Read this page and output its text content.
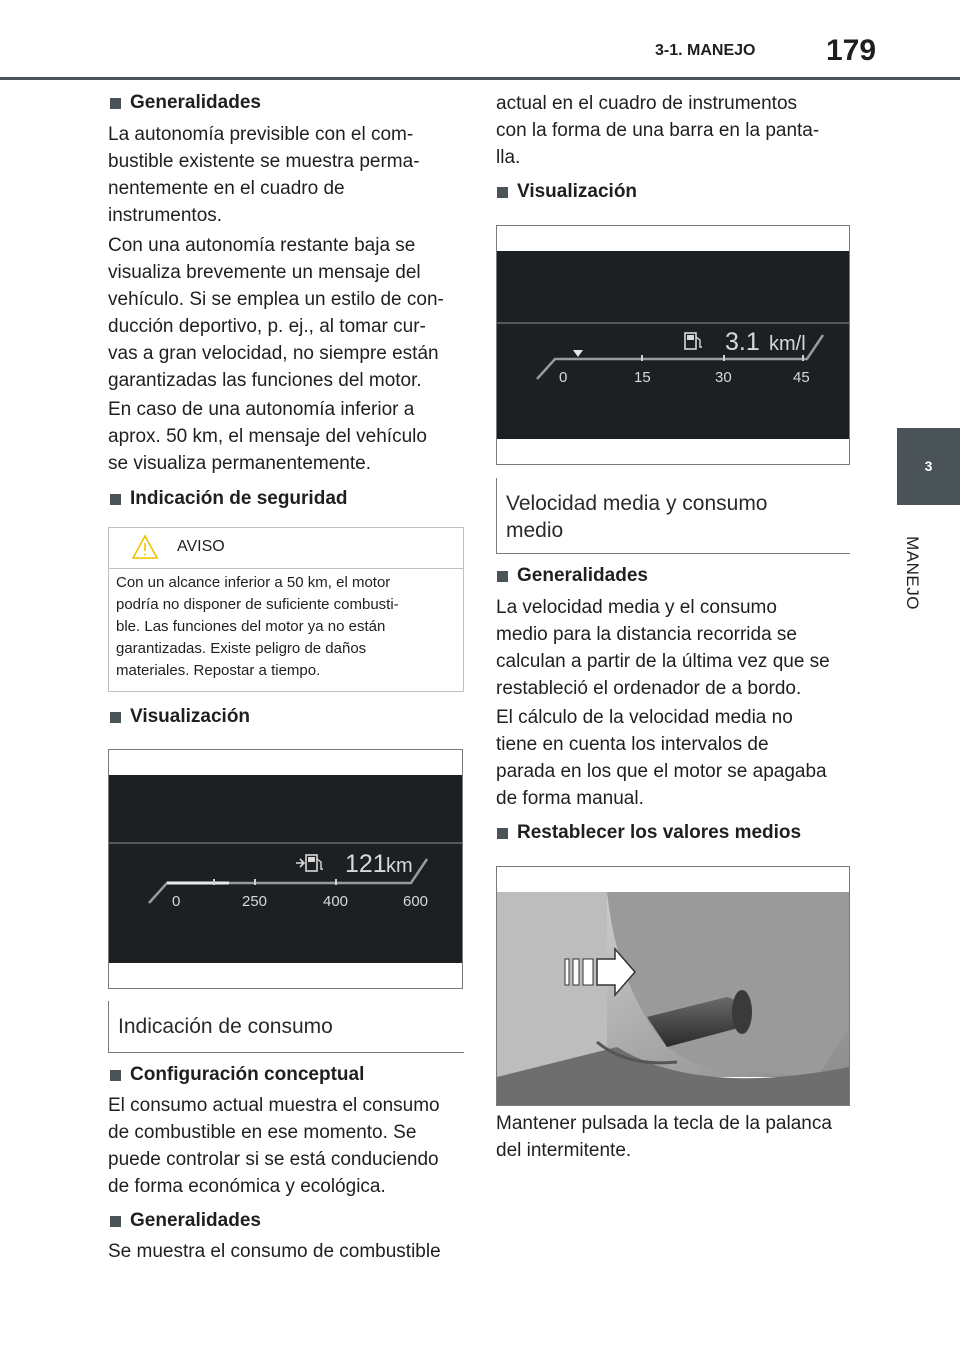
3-1. MANEJO 179
3
MANEJO
Generalidades
La autonomía previsible con el com-
bustible existente se muestra perma-
nentemente en el cuadro de
instrumentos.
Con una autonomía restante baja se
visualiza brevemente un mensaje del
vehículo. Si se emplea un estilo de con-
ducción deportivo, p. ej., al tomar cur-
vas a gran velocidad, no siempre están
garantizadas las funciones del motor.
En caso de una autonomía inferior a
aprox. 50 km, el mensaje del vehículo
se visualiza permanentemente.
Indicación de seguridad
AVISO
Con un alcance inferior a 50 km, el motor
podría no disponer de suficiente combusti-
ble. Las funciones del motor ya no están
garantizadas. Existe peligro de daños
materiales. Repostar a tiempo.
Visualización
121 km
0	250	400	600
Indicación de consumo
Configuración conceptual
El consumo actual muestra el consumo
de combustible en ese momento. Se
puede controlar si se está conduciendo
de forma económica y ecológica.
Generalidades
Se muestra el consumo de combustible
actual en el cuadro de instrumentos
con la forma de una barra en la panta-
lla.
Visualización
3.1 km/l
0	15	30	45
Velocidad media y consumo
medio
Generalidades
La velocidad media y el consumo
medio para la distancia recorrida se
calculan a partir de la última vez que se
restableció el ordenador de a bordo.
El cálculo de la velocidad media no
tiene en cuenta los intervalos de
parada en los que el motor se apagaba
de forma manual.
Restablecer los valores medios
Mantener pulsada la tecla de la palanca
del intermitente.
